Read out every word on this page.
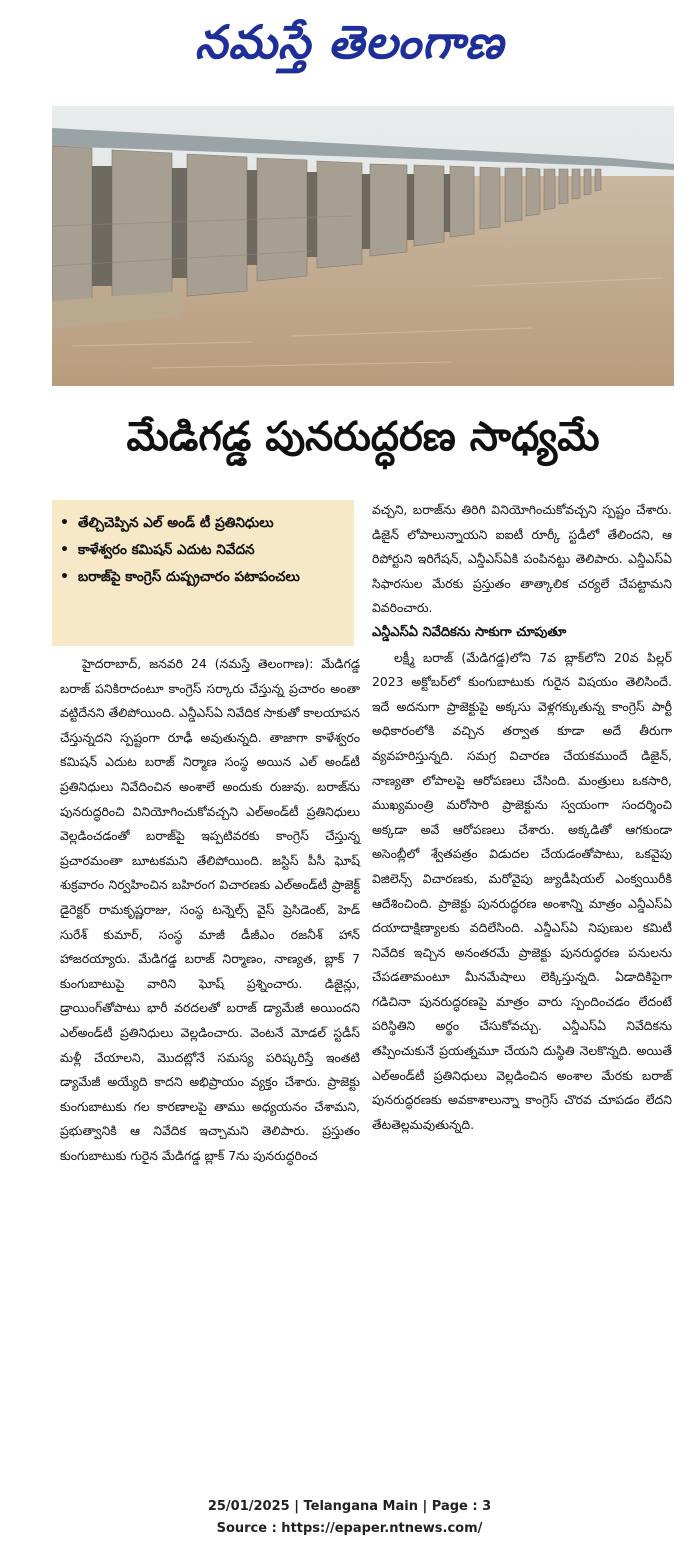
నమస్తే తెలంగాణ
మేడిగడ్డ పునరుద్ధరణ సాధ్యమే
• తేల్చిచెప్పిన ఎల్‌ అండ్‌ టీ ప్రతినిధులు
• కాళేశ్వరం కమిషన్‌ ఎదుట నివేదన
• బరాజ్‌పై కాంగ్రెస్‌ దుష్ప్రచారం పటాపంచలు

హైదరాబాద్‌, జనవరి 24 (నమస్తే తెలంగాణ): మేడిగడ్డ బరాజ్‌ పనికిరాదంటూ కాంగ్రెస్‌ సర్కారు చేస్తున్న ప్రచారం అంతా వట్టిదేనని తేలిపోయింది. ఎన్డీఎస్‌ఏ నివేదిక సాకుతో కాలయాపన చేస్తున్నదని స్పష్టంగా రూఢీ అవుతున్నది. తాజాగా కాళేశ్వరం కమిషన్‌ ఎదుట బరాజ్‌ నిర్మాణ సంస్థ అయిన ఎల్‌ అండ్‌టీ ప్రతినిధులు నివేదించిన అంశాలే అందుకు రుజువు. బరాజ్‌ను పునరుద్ధరించి వినియోగించుకోవచ్చని ఎల్‌అండ్‌టీ ప్రతినిధులు వెల్లడించడంతో బరాజ్‌పై ఇప్పటివరకు కాంగ్రెస్‌ చేస్తున్న ప్రచారమంతా బూటకమని తేలిపోయింది. జస్టిస్‌ పీసీ ఘోష్‌ శుక్రవారం నిర్వహించిన బహిరంగ విచారణకు ఎల్‌అండ్‌టీ ప్రాజెక్ట్‌ డైరెక్టర్‌ రామకృష్ణరాజు, సంస్థ టన్నెల్స్‌ వైస్‌ ప్రెసిడెంట్‌, హెడ్‌ సురేశ్‌ కుమార్‌, సంస్థ మాజీ డీజీఎం రజనీశ్‌ హాన్‌ హాజరయ్యారు. మేడిగడ్డ బరాజ్‌ నిర్మాణం, నాణ్యత, బ్లాక్‌ 7 కుంగుబాటుపై వారిని ఘోష్‌ ప్రశ్నించారు. డిజైన్లు, డ్రాయింగ్‌తోపాటు భారీ వరదలతో బరాజ్‌ డ్యామేజీ అయిందని ఎల్‌అండ్‌టీ ప్రతినిధులు వెల్లడించారు. వెంటనే మోడల్‌ స్టడీస్‌ మళ్లీ చేయాలని, మొదట్లోనే సమస్య పరిష్కరిస్తే ఇంతటి డ్యామేజీ అయ్యేది కాదని అభిప్రాయం వ్యక్తం చేశారు. ప్రాజెక్టు కుంగుబాటుకు గల కారణాలపై తాము అధ్యయనం చేశామని, ప్రభుత్వానికి ఆ నివేదిక ఇచ్చామని తెలిపారు. ప్రస్తుతం కుంగుబాటుకు గురైన మేడిగడ్డ బ్లాక్‌ 7ను పునరుద్ధరించ

వచ్చని, బరాజ్‌ను తిరిగి వినియోగించుకోవచ్చని స్పష్టం చేశారు. డిజైన్‌ లోపాలున్నాయని ఐఐటీ రూర్కీ స్టడీలో తేలిందని, ఆ రిపోర్టుని ఇరిగేషన్‌, ఎన్డీఎస్‌ఏకి పంపినట్టు తెలిపారు. ఎన్డీఎస్‌ఏ సిఫారసుల మేరకు ప్రస్తుతం తాత్కాలిక చర్యలే చేపట్టామని వివరించారు.

ఎన్డీఎస్‌ఏ నివేదికను సాకుగా చూపుతూ

లక్ష్మీ బరాజ్‌ (మేడిగడ్డ)లోని 7వ బ్లాక్‌లోని 20వ పిల్లర్‌ 2023 అక్టోబర్‌లో కుంగుబాటుకు గురైన విషయం తెలిసిందే. ఇదే అదనుగా ప్రాజెక్టుపై అక్కసు వెళ్లగక్కుతున్న కాంగ్రెస్‌ పార్టీ అధికారంలోకి వచ్చిన తర్వాత కూడా అదే తీరుగా వ్యవహరిస్తున్నది. సమగ్ర విచారణ చేయకముందే డిజైన్‌, నాణ్యతా లోపాలపై ఆరోపణలు చేసింది. మంత్రులు ఒకసారి, ముఖ్యమంత్రి మరోసారి ప్రాజెక్టును స్వయంగా సందర్శించి అక్కడా అవే ఆరోపణలు చేశారు. అక్కడితో ఆగకుండా అసెంబ్లీలో శ్వేతపత్రం విడుదల చేయడంతోపాటు, ఒకవైపు విజిలెన్స్‌ విచారణకు, మరోవైపు జ్యుడీషియల్‌ ఎంక్వయిరీకి ఆదేశించింది. ప్రాజెక్టు పునరుద్ధరణ అంశాన్ని మాత్రం ఎన్డీఎస్‌ఏ దయాదాక్షిణ్యాలకు వదిలేసింది. ఎన్డీఎస్‌ఏ నిపుణుల కమిటీ నివేదిక ఇచ్చిన అనంతరమే ప్రాజెక్టు పునరుద్ధరణ పనులను చేపడతామంటూ మీనమేషాలు లెక్కిస్తున్నది. ఏడాదికిపైగా గడిచినా పునరుద్ధరణపై మాత్రం వారు స్పందించడం లేదంటే పరిస్థితిని అర్థం చేసుకోవచ్చు. ఎన్డీఎస్‌ఏ నివేదికను తప్పించుకునే ప్రయత్నమూ చేయని దుస్థితి నెలకొన్నది. అయితే ఎల్‌అండ్‌టీ ప్రతినిధులు వెల్లడించిన అంశాల మేరకు బరాజ్‌ పునరుద్ధరణకు అవకాశాలున్నా కాంగ్రెస్‌ చొరవ చూపడం లేదని తేటతెల్లమవుతున్నది.

25/01/2025 | Telangana Main | Page : 3
Source : https://epaper.ntnews.com/
